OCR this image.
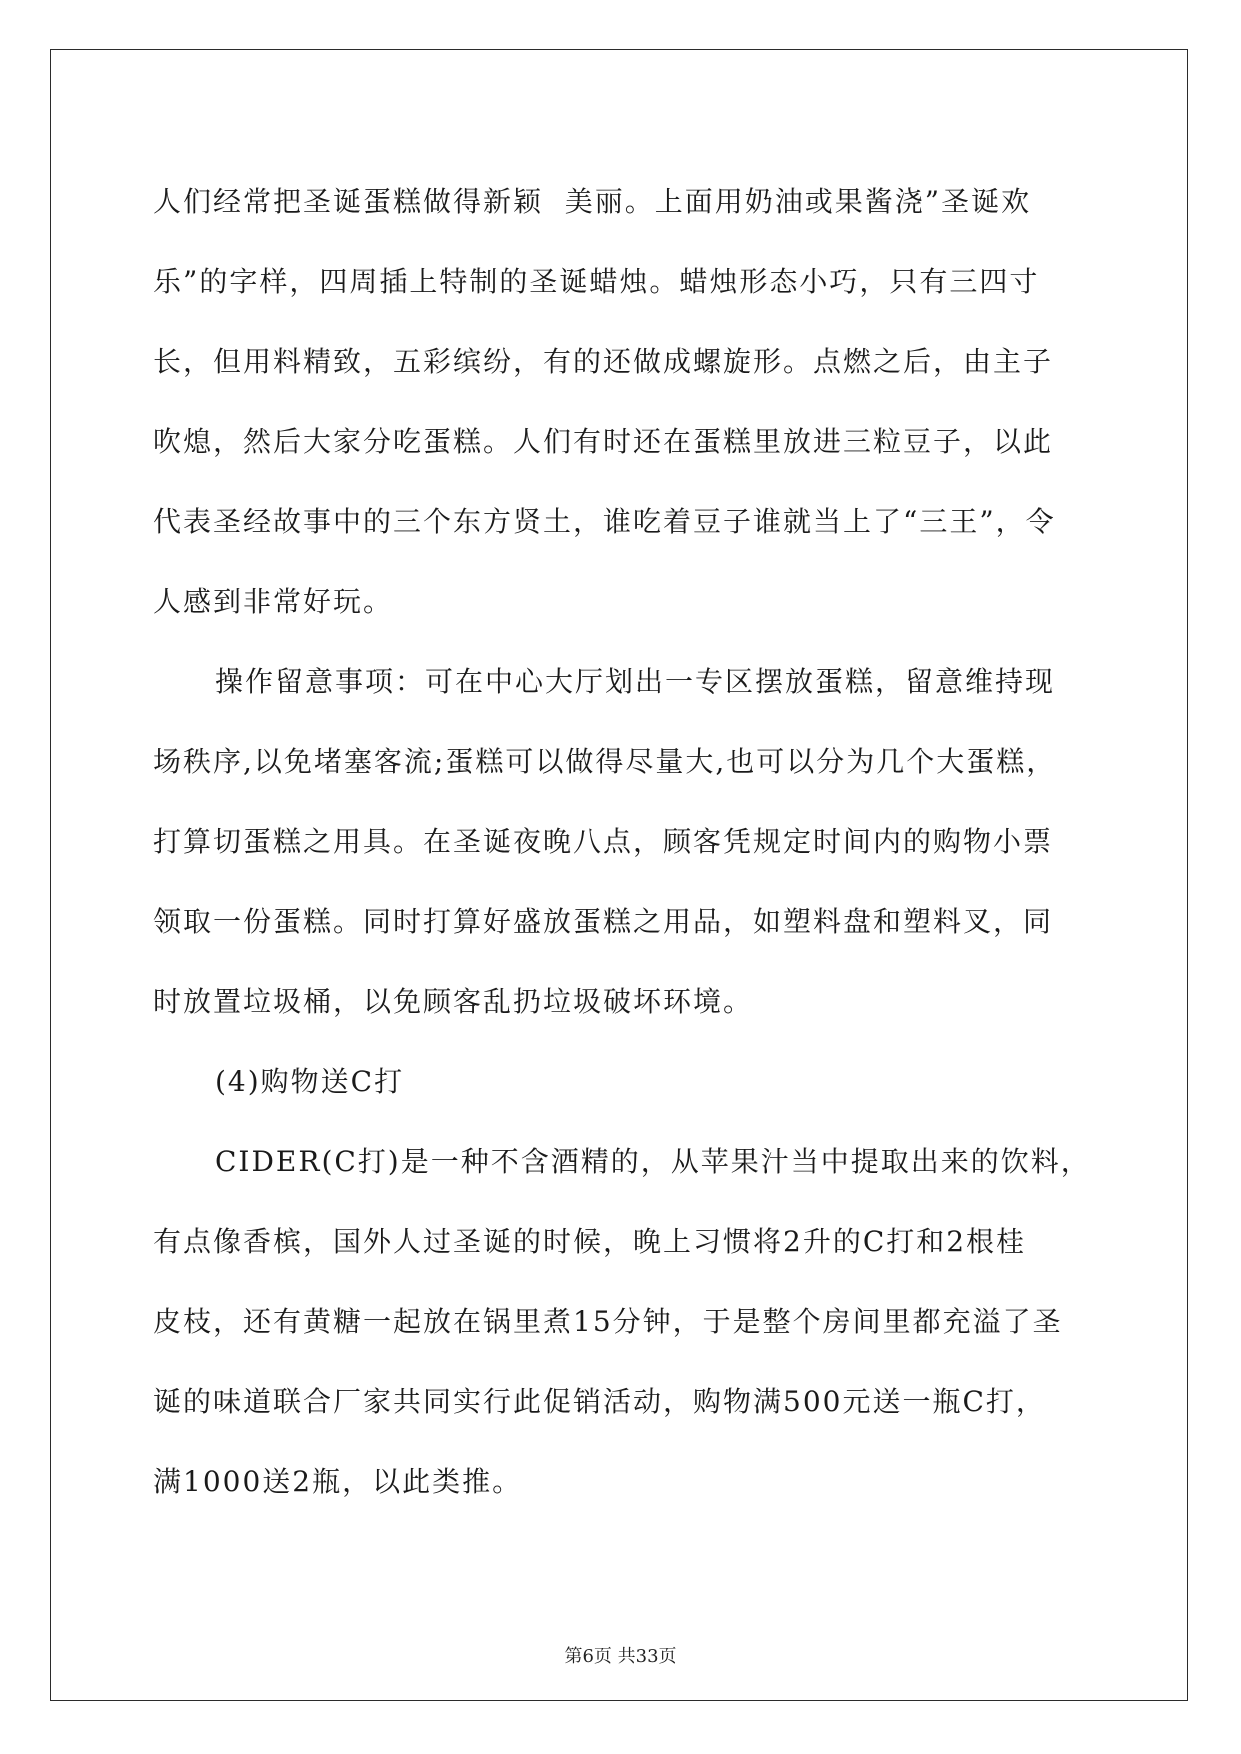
人们经常把圣诞蛋糕做得新颖  美丽。上面用奶油或果酱浇”圣诞欢

乐”的字样，四周插上特制的圣诞蜡烛。蜡烛形态小巧，只有三四寸

长，但用料精致，五彩缤纷，有的还做成螺旋形。点燃之后，由主子

吹熄，然后大家分吃蛋糕。人们有时还在蛋糕里放进三粒豆子，以此

代表圣经故事中的三个东方贤土，谁吃着豆子谁就当上了“三王”，令

人感到非常好玩。

操作留意事项：可在中心大厅划出一专区摆放蛋糕，留意维持现

场秩序,以免堵塞客流;蛋糕可以做得尽量大,也可以分为几个大蛋糕，

打算切蛋糕之用具。在圣诞夜晚八点，顾客凭规定时间内的购物小票

领取一份蛋糕。同时打算好盛放蛋糕之用品，如塑料盘和塑料叉，同

时放置垃圾桶，以免顾客乱扔垃圾破坏环境。

(4)购物送C打

CIDER(C打)是一种不含酒精的，从苹果汁当中提取出来的饮料，

有点像香槟，国外人过圣诞的时候，晚上习惯将2升的C打和2根桂

皮枝，还有黄糖一起放在锅里煮15分钟，于是整个房间里都充溢了圣

诞的味道联合厂家共同实行此促销活动，购物满500元送一瓶C打，

满1000送2瓶，以此类推。

第6页 共33页
